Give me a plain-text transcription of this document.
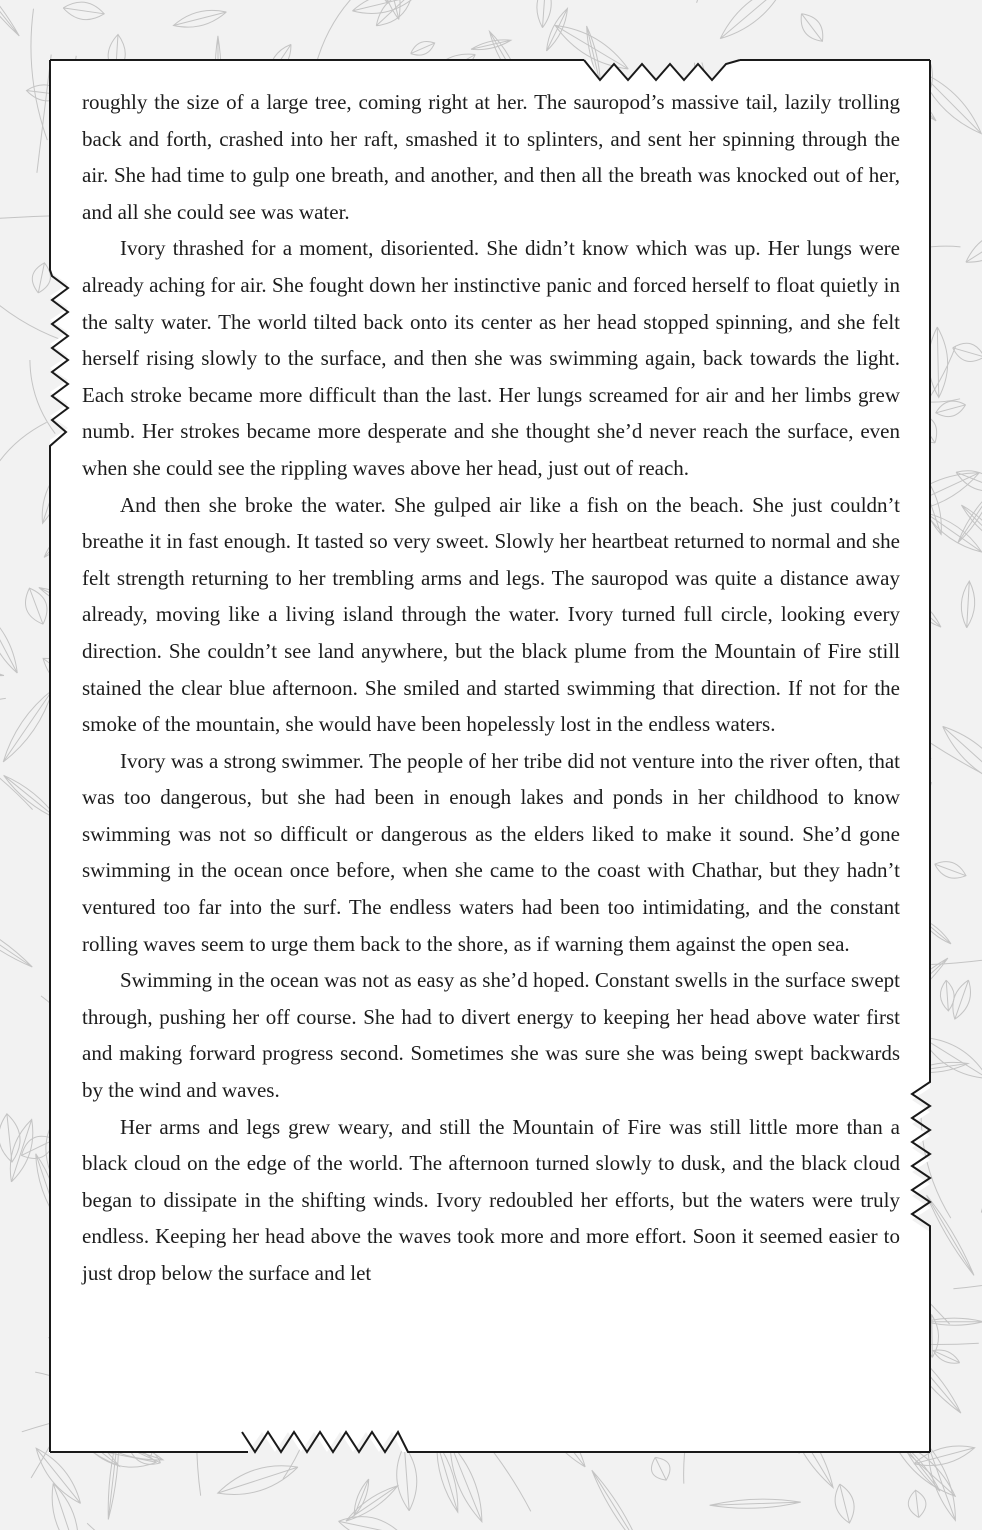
roughly the size of a large tree, coming right at her. The sauropod’s massive tail, lazily trolling back and forth, crashed into her raft, smashed it to splinters, and sent her spinning through the air. She had time to gulp one breath, and another, and then all the breath was knocked out of her, and all she could see was water.

Ivory thrashed for a moment, disoriented. She didn’t know which was up. Her lungs were already aching for air. She fought down her instinctive panic and forced herself to float quietly in the salty water. The world tilted back onto its center as her head stopped spinning, and she felt herself rising slowly to the surface, and then she was swimming again, back towards the light. Each stroke became more difficult than the last. Her lungs screamed for air and her limbs grew numb. Her strokes became more desperate and she thought she’d never reach the surface, even when she could see the rippling waves above her head, just out of reach.

And then she broke the water. She gulped air like a fish on the beach. She just couldn’t breathe it in fast enough. It tasted so very sweet. Slowly her heartbeat returned to normal and she felt strength returning to her trembling arms and legs. The sauropod was quite a distance away already, moving like a living island through the water. Ivory turned full circle, looking every direction. She couldn’t see land anywhere, but the black plume from the Mountain of Fire still stained the clear blue afternoon. She smiled and started swimming that direction. If not for the smoke of the mountain, she would have been hopelessly lost in the endless waters.

Ivory was a strong swimmer. The people of her tribe did not venture into the river often, that was too dangerous, but she had been in enough lakes and ponds in her childhood to know swimming was not so difficult or dangerous as the elders liked to make it sound. She’d gone swimming in the ocean once before, when she came to the coast with Chathar, but they hadn’t ventured too far into the surf. The endless waters had been too intimidating, and the constant rolling waves seem to urge them back to the shore, as if warning them against the open sea.

Swimming in the ocean was not as easy as she’d hoped. Constant swells in the surface swept through, pushing her off course. She had to divert energy to keeping her head above water first and making forward progress second. Sometimes she was sure she was being swept backwards by the wind and waves.

Her arms and legs grew weary, and still the Mountain of Fire was still little more than a black cloud on the edge of the world. The afternoon turned slowly to dusk, and the black cloud began to dissipate in the shifting winds. Ivory redoubled her efforts, but the waters were truly endless. Keeping her head above the waves took more and more effort. Soon it seemed easier to just drop below the surface and let
